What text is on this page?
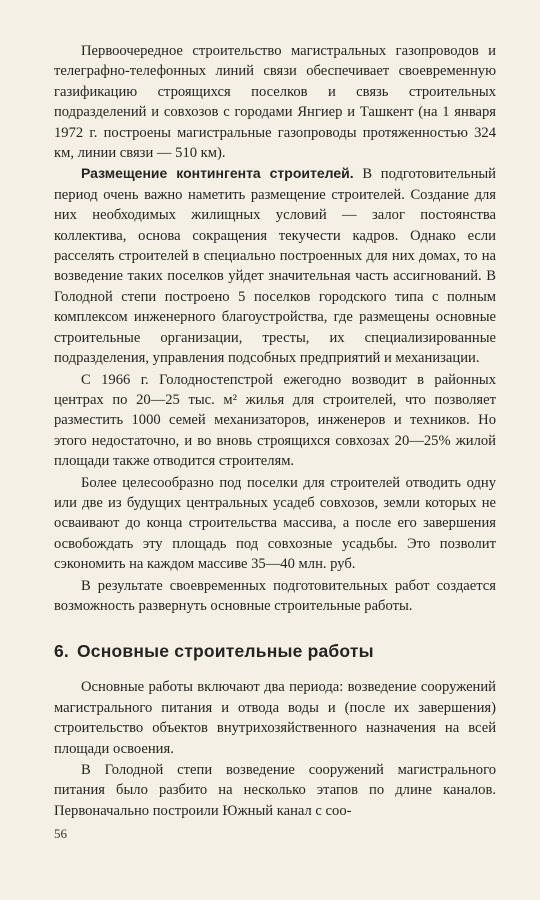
Первоочередное строительство магистральных газопроводов и телеграфно-телефонных линий связи обеспечивает своевременную газификацию строящихся поселков и связь строительных подразделений и совхозов с городами Янгиер и Ташкент (на 1 января 1972 г. построены магистральные газопроводы протяженностью 324 км, линии связи — 510 км).

Размещение контингента строителей. В подготовительный период очень важно наметить размещение строителей. Создание для них необходимых жилищных условий — залог постоянства коллектива, основа сокращения текучести кадров. Однако если расселять строителей в специально построенных для них домах, то на возведение таких поселков уйдет значительная часть ассигнований. В Голодной степи построено 5 поселков городского типа с полным комплексом инженерного благоустройства, где размещены основные строительные организации, тресты, их специализированные подразделения, управления подсобных предприятий и механизации.

С 1966 г. Голодностепстрой ежегодно возводит в районных центрах по 20—25 тыс. м² жилья для строителей, что позволяет разместить 1000 семей механизаторов, инженеров и техников. Но этого недостаточно, и во вновь строящихся совхозах 20—25% жилой площади также отводится строителям.

Более целесообразно под поселки для строителей отводить одну или две из будущих центральных усадеб совхозов, земли которых не осваивают до конца строительства массива, а после его завершения освобождать эту площадь под совхозные усадьбы. Это позволит сэкономить на каждом массиве 35—40 млн. руб.

В результате своевременных подготовительных работ создается возможность развернуть основные строительные работы.

6. Основные строительные работы

Основные работы включают два периода: возведение сооружений магистрального питания и отвода воды и (после их завершения) строительство объектов внутрихозяйственного назначения на всей площади освоения.

В Голодной степи возведение сооружений магистрального питания было разбито на несколько этапов по длине каналов. Первоначально построили Южный канал с соо-

56
